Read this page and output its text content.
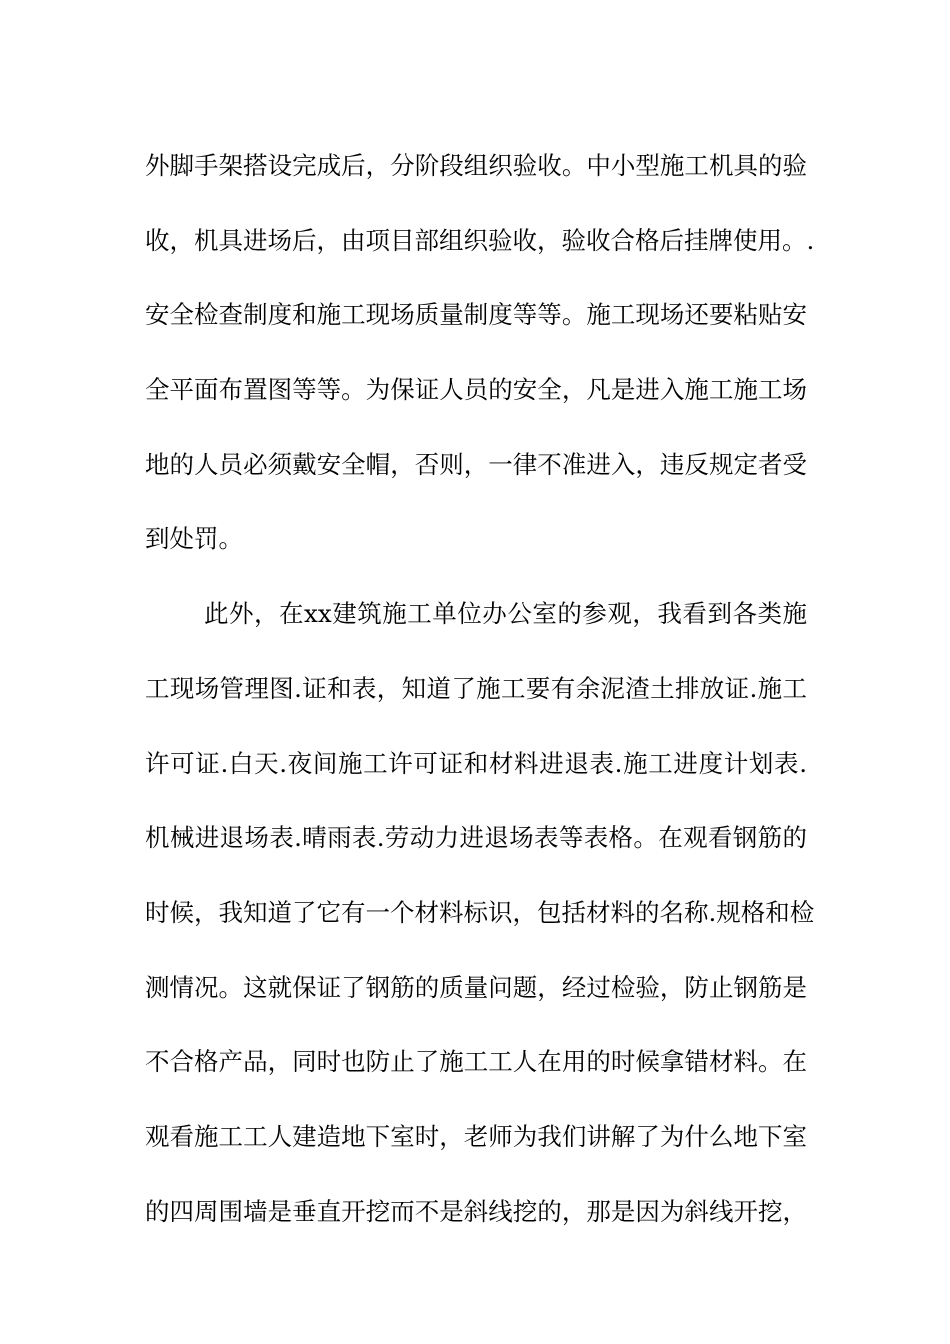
外脚手架搭设完成后，分阶段组织验收。中小型施工机具的验
收，机具进场后，由项目部组织验收，验收合格后挂牌使用。.
安全检查制度和施工现场质量制度等等。施工现场还要粘贴安
全平面布置图等等。为保证人员的安全，凡是进入施工施工场
地的人员必须戴安全帽，否则，一律不准进入，违反规定者受
到处罚。
此外，在xx建筑施工单位办公室的参观，我看到各类施
工现场管理图.证和表，知道了施工要有余泥渣土排放证.施工
许可证.白天.夜间施工许可证和材料进退表.施工进度计划表.
机械进退场表.晴雨表.劳动力进退场表等表格。在观看钢筋的
时候，我知道了它有一个材料标识，包括材料的名称.规格和检
测情况。这就保证了钢筋的质量问题，经过检验，防止钢筋是
不合格产品，同时也防止了施工工人在用的时候拿错材料。在
观看施工工人建造地下室时，老师为我们讲解了为什么地下室
的四周围墙是垂直开挖而不是斜线挖的，那是因为斜线开挖，
